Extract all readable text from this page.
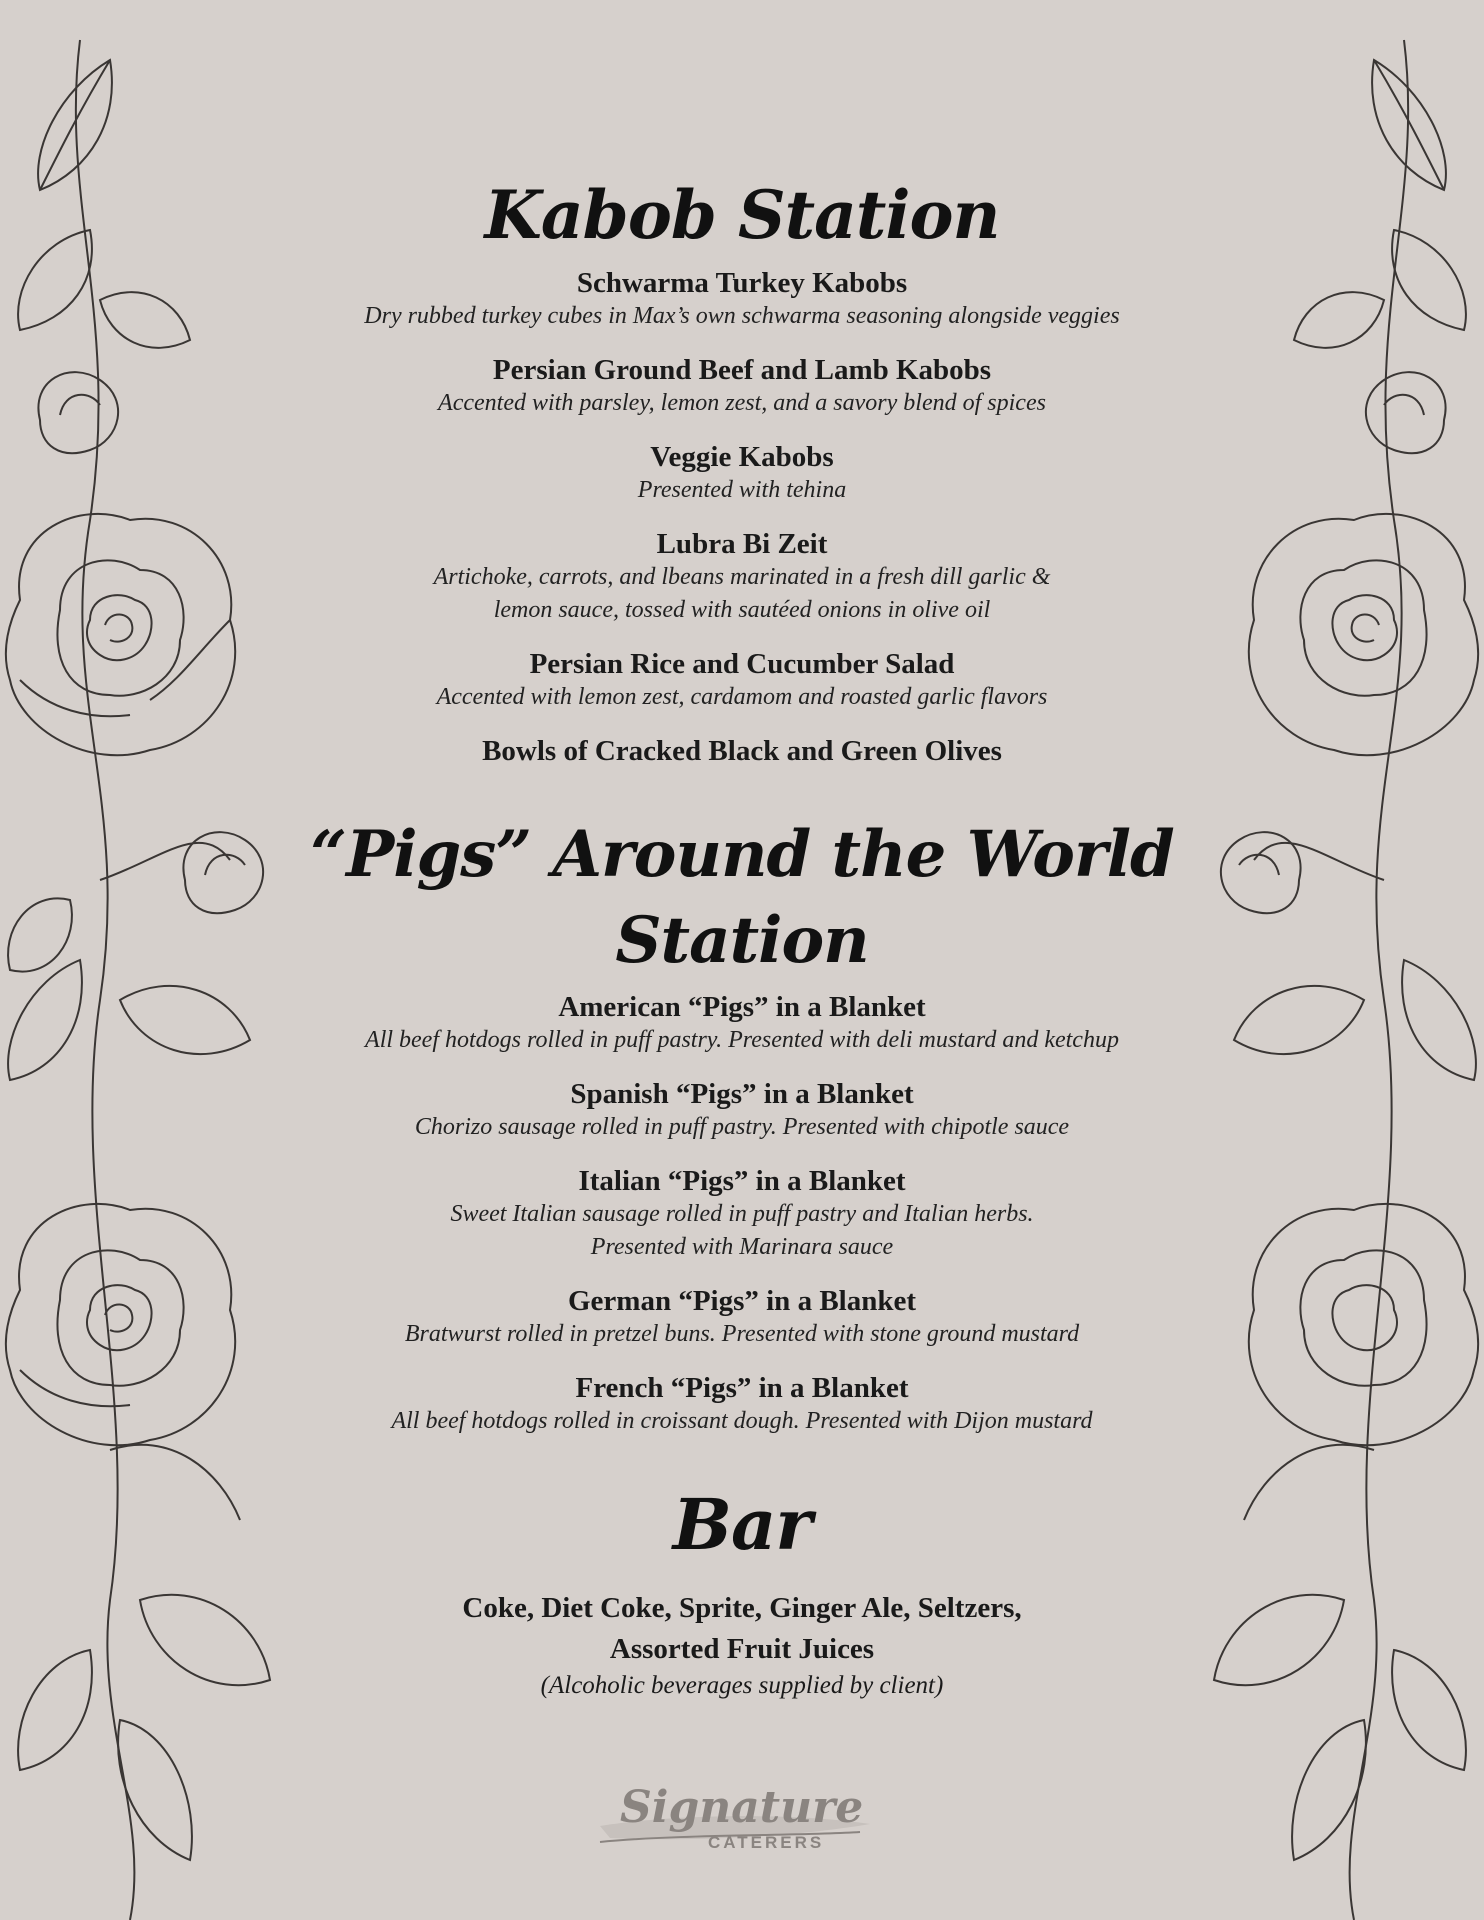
Kabob Station
Schwarma Turkey Kabobs
Dry rubbed turkey cubes in Max’s own schwarma seasoning alongside veggies
Persian Ground Beef and Lamb Kabobs
Accented with parsley, lemon zest, and a savory blend of spices
Veggie Kabobs
Presented with tehina
Lubra Bi Zeit
Artichoke, carrots, and lbeans marinated in a fresh dill garlic &
lemon sauce, tossed with sautéed onions in olive oil
Persian Rice and Cucumber Salad
Accented with lemon zest, cardamom and roasted garlic flavors
Bowls of Cracked Black and Green Olives
“Pigs” Around the World Station
American “Pigs” in a Blanket
All beef hotdogs rolled in puff pastry. Presented with deli mustard and ketchup
Spanish “Pigs” in a Blanket
Chorizo sausage rolled in puff pastry. Presented with chipotle sauce
Italian “Pigs” in a Blanket
Sweet Italian sausage rolled in puff pastry and Italian herbs.
Presented with Marinara sauce
German “Pigs” in a Blanket
Bratwurst rolled in pretzel buns. Presented with stone ground mustard
French “Pigs” in a Blanket
All beef hotdogs rolled in croissant dough. Presented with Dijon mustard
Bar
Coke, Diet Coke, Sprite, Ginger Ale, Seltzers,
Assorted Fruit Juices
(Alcoholic beverages supplied by client)
Signature
CATERERS
